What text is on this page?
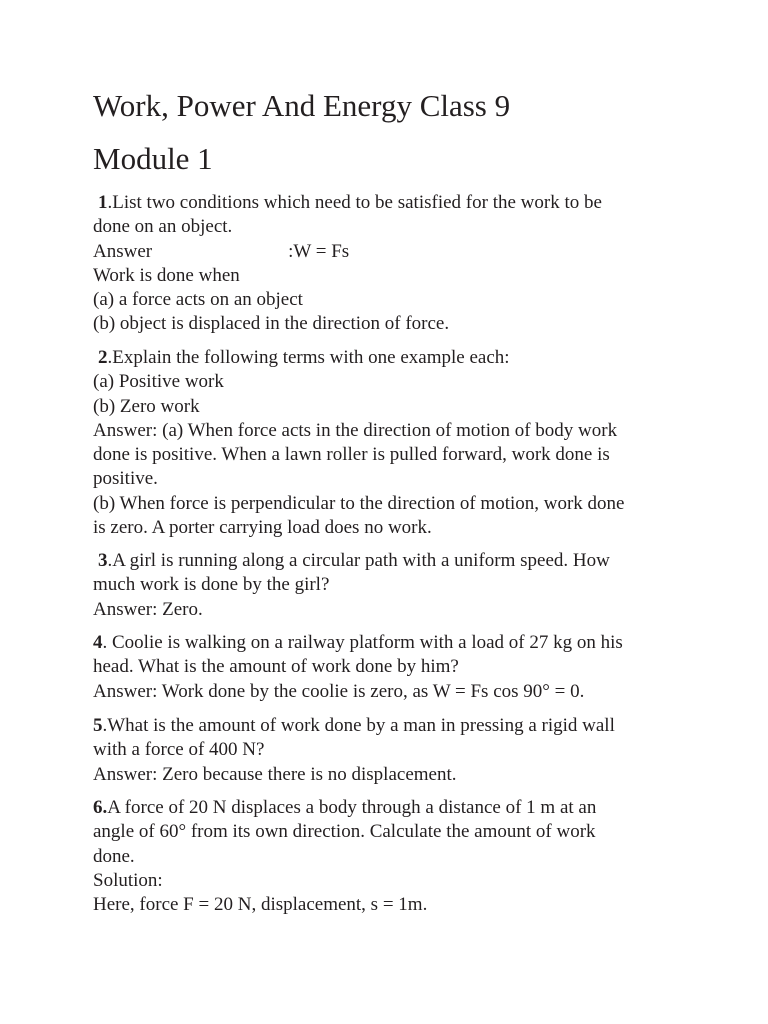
Work, Power And Energy Class 9
Module 1
1.List two conditions which need to be satisfied for the work to be
done on an object.
Answer	:W = Fs
Work is done when
(a) a force acts on an object
(b) object is displaced in the direction of force.
2.Explain the following terms with one example each:
(a) Positive work
(b) Zero work
Answer: (a) When force acts in the direction of motion of body work
done is positive. When a lawn roller is pulled forward, work done is
positive.
(b) When force is perpendicular to the direction of motion, work done
is zero. A porter carrying load does no work.
3.A girl is running along a circular path with a uniform speed. How
much work is done by the girl?
Answer: Zero.
4. Coolie is walking on a railway platform with a load of 27 kg on his
head. What is the amount of work done by him?
Answer: Work done by the coolie is zero, as W = Fs cos 90° = 0.
5.What is the amount of work done by a man in pressing a rigid wall
with a force of 400 N?
Answer: Zero because there is no displacement.
6.A force of 20 N displaces a body through a distance of 1 m at an
angle of 60° from its own direction. Calculate the amount of work
done.
Solution:
Here, force F = 20 N, displacement, s = 1m.
